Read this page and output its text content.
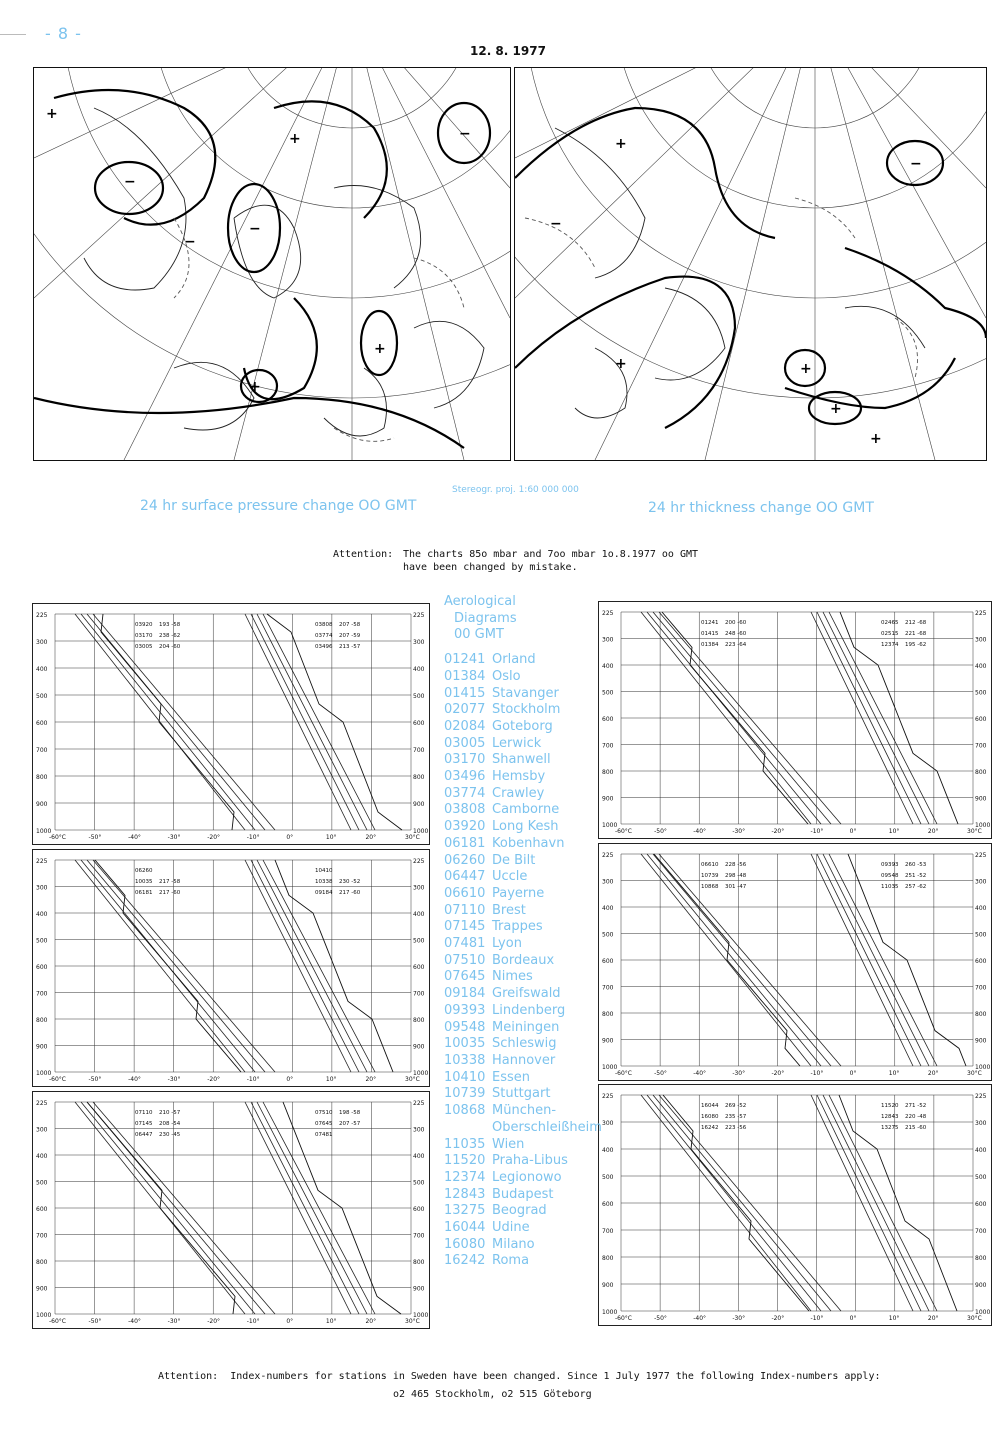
- 8 -
12. 8. 1977
+
−
−
+
+
−
+
−
+
−
+
+
+
−
+
24 hr surface pressure change OO GMT
Stereogr. proj. 1:60 000 000
24 hr thickness change OO GMT
Attention: The charts 85o mbar and 7oo mbar 1o.8.1977 oo GMT
have been changed by mistake.
225	225
300	300
400	400
500	500
600	600
700	700
800	800
900	900
1000	1000
-60°C	-50°	-40°	-30°	-20°	-10°	0°	10°	20°	30°C
03920 193 -58
03170 238 -62
03005 204 -60
03808 207 -58
03774 207 -59
03496 213 -57
225	225
300	300
400	400
500	500
600	600
700	700
800	800
900	900
1000	1000
-60°C	-50°	-40°	-30°	-20°	-10°	0°	10°	20°	30°C
06260
10035 217 -58
06181 217 -60
10410
10338 230 -52
09184 217 -60
225	225
300	300
400	400
500	500
600	600
700	700
800	800
900	900
1000	1000
-60°C	-50°	-40°	-30°	-20°	-10°	0°	10°	20°	30°C
07110 210 -57
07145 208 -54
06447 230 -45
07510 198 -58
07645 207 -57
07481
225	225
300	300
400	400
500	500
600	600
700	700
800	800
900	900
1000	1000
-60°C	-50°	-40°	-30°	-20°	-10°	0°	10°	20°	30°C
01241 200 -60
01415 248 -60
01384 223 -64
02465 212 -68
02515 221 -68
12374 195 -62
225	225
300	300
400	400
500	500
600	600
700	700
800	800
900	900
1000	1000
-60°C	-50°	-40°	-30°	-20°	-10°	0°	10°	20°	30°C
06610 228 -56
10739 298 -48
10868 301 -47
09393 260 -53
09548 251 -52
11035 257 -62
225	225
300	300
400	400
500	500
600	600
700	700
800	800
900	900
1000	1000
-60°C	-50°	-40°	-30°	-20°	-10°	0°	10°	20°	30°C
16044 269 -52
16080 235 -57
16242 223 -56
11520 271 -52
12843 220 -48
13275 215 -60
Aerological
Diagrams
00 GMT
01241 Orland
01384 Oslo
01415 Stavanger
02077 Stockholm
02084 Goteborg
03005 Lerwick
03170 Shanwell
03496 Hemsby
03774 Crawley
03808 Camborne
03920 Long Kesh
06181 Kobenhavn
06260 De Bilt
06447 Uccle
06610 Payerne
07110 Brest
07145 Trappes
07481 Lyon
07510 Bordeaux
07645 Nimes
09184 Greifswald
09393 Lindenberg
09548 Meiningen
10035 Schleswig
10338 Hannover
10410 Essen
10739 Stuttgart
10868 München-
Oberschleißheim
11035 Wien
11520 Praha-Libus
12374 Legionowo
12843 Budapest
13275 Beograd
16044 Udine
16080 Milano
16242 Roma
Attention: Index-numbers for stations in Sweden have been changed. Since 1 July 1977 the following Index-numbers apply:
o2 465 Stockholm, o2 515 Göteborg
